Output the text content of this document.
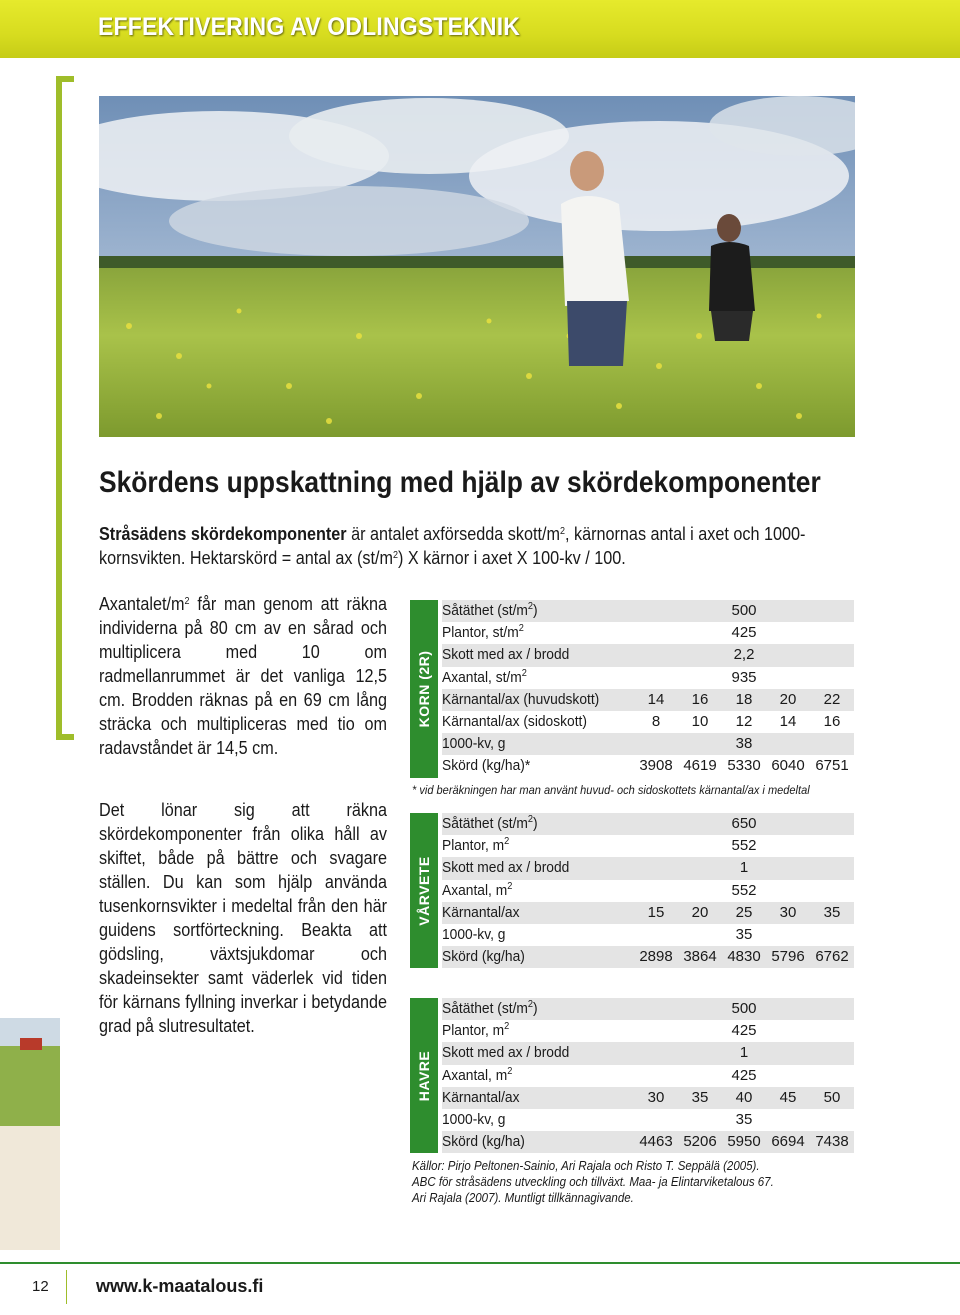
EFFEKTIVERING AV ODLINGSTEKNIK
Skördens uppskattning med hjälp av skördekomponenter
Stråsädens skördekomponenter är antalet axförsedda skott/$m^2$, kärnornas antal i axet och 1000-kornsvikten. Hektarskörd = antal ax $(st/m^2)$ X kärnor i axet X 100-kv / 100.
Axantalet/$m^2$ får man genom att räkna individerna på 80 cm av en sårad och multiplicera med 10 om radmellanrummet är det vanliga 12,5 cm. Brodden räknas på en 69 cm lång sträcka och multipliceras med tio om radavståndet är 14,5 cm.
Det lönar sig att räkna skördekomponenter från olika håll av skiftet, både på bättre och svagare ställen. Du kan som hjälp använda tusenkornsvikter i medeltal från den här guidens sortförteckning. Beakta att gödsling, växtsjukdomar och skadeinsekter samt väderlek vid tiden för kärnans fyllning inverkar i betydande grad på slutresultatet.
KORN (2R)
Såtäthet $(st/m^2)$	500
Plantor, $st/m^2$	425
Skott med ax / brodd	2,2
Axantal, $st/m^2$	935
Kärnantal/ax (huvudskott)	14	16	18	20	22
Kärnantal/ax (sidoskott)	8	10	12	14	16
1000-kv, g	38
Skörd (kg/ha)*	3908 4619 5330 6040 6751
VÅRVETE
Såtäthet $(st/m^2)$	650
Plantor, $m^2$	552
Skott med ax / brodd	1
Axantal, $m^2$	552
Kärnantal/ax	15	20	25	30	35
1000-kv, g	35
Skörd (kg/ha)	2898 3864 4830 5796 6762
HAVRE
Såtäthet $(st/m^2)$	500
Plantor, $m^2$	425
Skott med ax / brodd	1
Axantal, $m^2$	425
Kärnantal/ax	30	35	40	45	50
1000-kv, g	35
Skörd (kg/ha)	4463 5206 5950 6694 7438
* vid beräkningen har man använt huvud- och sidoskottets kärnantal/ax i medeltal
Källor: Pirjo Peltonen-Sainio, Ari Rajala och Risto T. Seppälä (2005).
ABC för stråsädens utveckling och tillväxt. Maa- ja Elintarviketalous 67.
Ari Rajala (2007). Muntligt tillkännagivande.
12	www.k-maatalous.fi
